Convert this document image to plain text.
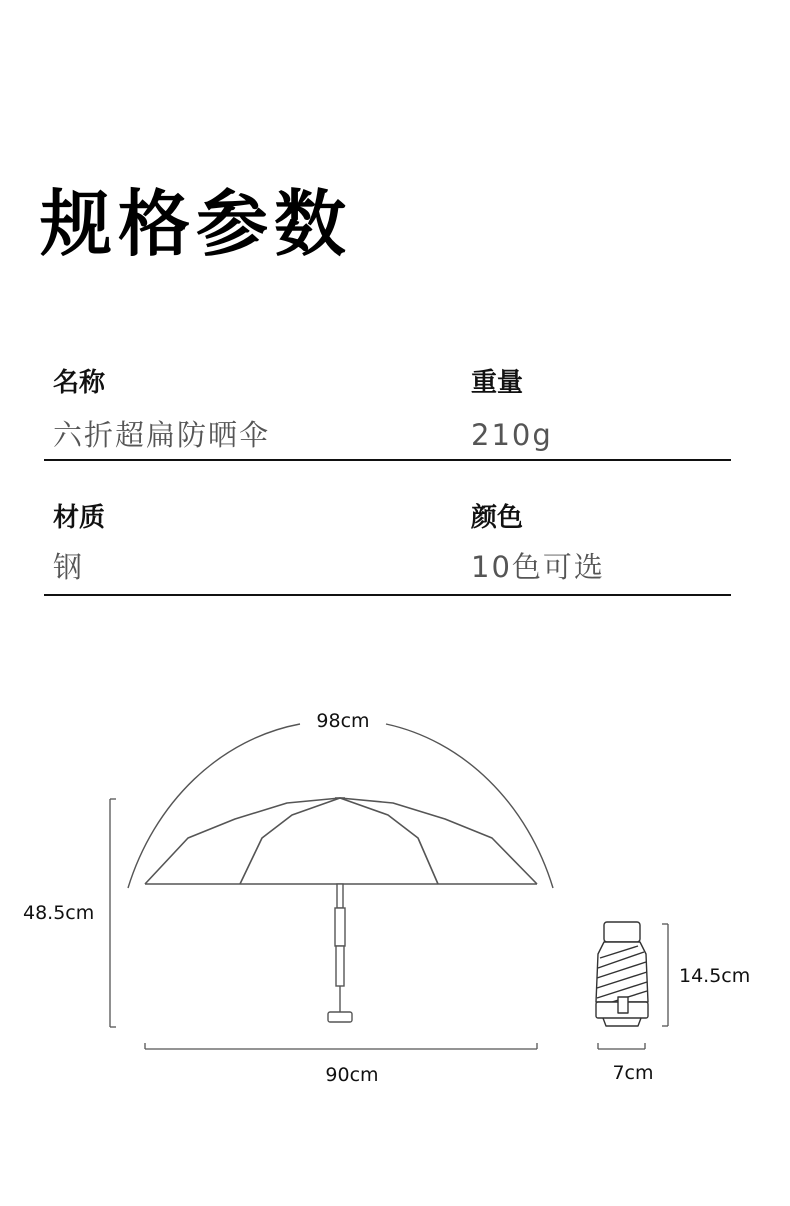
规格参数
名称
六折超扁防晒伞
重量
210g
材质
钢
颜色
10色可选
98cm
48.5cm
90cm
14.5cm
7cm
